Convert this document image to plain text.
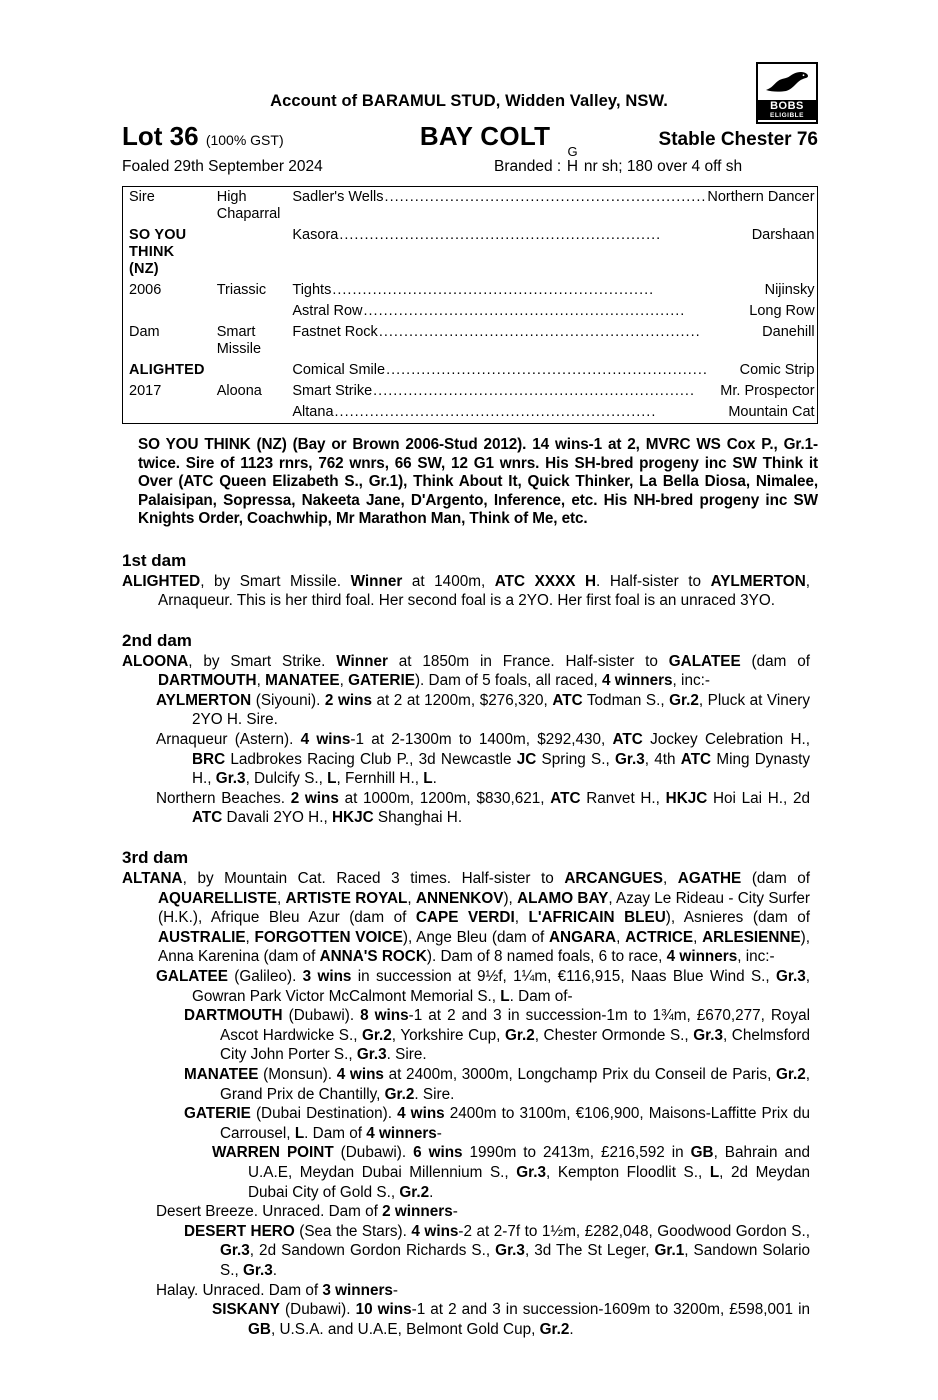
BOBS
ELIGIBLE
Account of BARAMUL STUD, Widden Valley, NSW.
Lot 36 (100% GST)	BAY COLT	Stable Chester 76
Foaled 29th September 2024	Branded :
G
H nr sh; 180 over 4 off sh
Sire	High Chaparral	Sadler's Wells ................................................................ Northern Dancer

SO YOU THINK (NZ)		Kasora ................................................................ Darshaan

2006	Triassic	Tights ................................................................ Nijinsky

		Astral Row ................................................................ Long Row

Dam	Smart Missile	Fastnet Rock ................................................................ Danehill

ALIGHTED		Comical Smile ................................................................ Comic Strip

2017	Aloona	Smart Strike ................................................................ Mr. Prospector

		Altana ................................................................ Mountain Cat
SO YOU THINK (NZ) (Bay or Brown 2006-Stud 2012). 14 wins-1 at 2, MVRC WS Cox P., Gr.1-twice. Sire of 1123 rnrs, 762 wnrs, 66 SW, 12 G1 wnrs. His SH-bred progeny inc SW Think it Over (ATC Queen Elizabeth S., Gr.1), Think About It, Quick Thinker, La Bella Diosa, Nimalee, Palaisipan, Sopressa, Nakeeta Jane, D'Argento, Inference, etc. His NH-bred progeny inc SW Knights Order, Coachwhip, Mr Marathon Man, Think of Me, etc.
1st dam

ALIGHTED, by Smart Missile. Winner at 1400m, ATC XXXX H. Half-sister to AYLMERTON, Arnaqueur. This is her third foal. Her second foal is a 2YO. Her first foal is an unraced 3YO.

2nd dam

ALOONA, by Smart Strike. Winner at 1850m in France. Half-sister to GALATEE (dam of DARTMOUTH, MANATEE, GATERIE). Dam of 5 foals, all raced, 4 winners, inc:-

AYLMERTON (Siyouni). 2 wins at 2 at 1200m, $276,320, ATC Todman S., Gr.2, Pluck at Vinery 2YO H. Sire.

Arnaqueur (Astern). 4 wins-1 at 2-1300m to 1400m, $292,430, ATC Jockey Celebration H., BRC Ladbrokes Racing Club P., 3d Newcastle JC Spring S., Gr.3, 4th ATC Ming Dynasty H., Gr.3, Dulcify S., L, Fernhill H., L.

Northern Beaches. 2 wins at 1000m, 1200m, $830,621, ATC Ranvet H., HKJC Hoi Lai H., 2d ATC Davali 2YO H., HKJC Shanghai H.

3rd dam

ALTANA, by Mountain Cat. Raced 3 times. Half-sister to ARCANGUES, AGATHE (dam of AQUARELLISTE, ARTISTE ROYAL, ANNENKOV), ALAMO BAY, Azay Le Rideau - City Surfer (H.K.), Afrique Bleu Azur (dam of CAPE VERDI, L'AFRICAIN BLEU), Asnieres (dam of AUSTRALIE, FORGOTTEN VOICE), Ange Bleu (dam of ANGARA, ACTRICE, ARLESIENNE), Anna Karenina (dam of ANNA'S ROCK). Dam of 8 named foals, 6 to race, 4 winners, inc:-

GALATEE (Galileo). 3 wins in succession at 9½f, 1¼m, €116,915, Naas Blue Wind S., Gr.3, Gowran Park Victor McCalmont Memorial S., L. Dam of-

DARTMOUTH (Dubawi). 8 wins-1 at 2 and 3 in succession-1m to 1¾m, £670,277, Royal Ascot Hardwicke S., Gr.2, Yorkshire Cup, Gr.2, Chester Ormonde S., Gr.3, Chelmsford City John Porter S., Gr.3. Sire.

MANATEE (Monsun). 4 wins at 2400m, 3000m, Longchamp Prix du Conseil de Paris, Gr.2, Grand Prix de Chantilly, Gr.2. Sire.

GATERIE (Dubai Destination). 4 wins 2400m to 3100m, €106,900, Maisons-Laffitte Prix du Carrousel, L. Dam of 4 winners-

WARREN POINT (Dubawi). 6 wins 1990m to 2413m, £216,592 in GB, Bahrain and U.A.E, Meydan Dubai Millennium S., Gr.3, Kempton Floodlit S., L, 2d Meydan Dubai City of Gold S., Gr.2.

Desert Breeze. Unraced. Dam of 2 winners-

DESERT HERO (Sea the Stars). 4 wins-2 at 2-7f to 1½m, £282,048, Goodwood Gordon S., Gr.3, 2d Sandown Gordon Richards S., Gr.3, 3d The St Leger, Gr.1, Sandown Solario S., Gr.3.

Halay. Unraced. Dam of 3 winners-

SISKANY (Dubawi). 10 wins-1 at 2 and 3 in succession-1609m to 3200m, £598,001 in GB, U.S.A. and U.A.E, Belmont Gold Cup, Gr.2.
